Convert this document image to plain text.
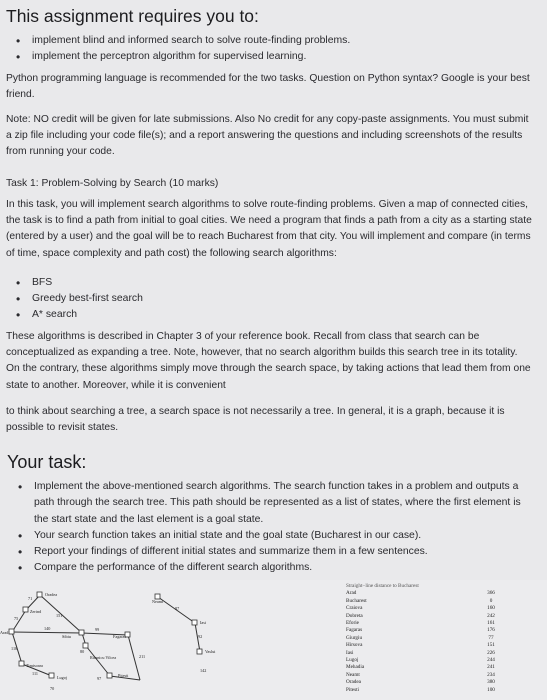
This assignment requires you to:
• implement blind and informed search to solve route-finding problems.
• implement the perceptron algorithm for supervised learning.
Python programming language is recommended for the two tasks. Question on Python syntax? Google is your best friend.
Note: NO credit will be given for late submissions. Also No credit for any copy-paste assignments. You must submit a zip file including your code file(s); and a report answering the questions and including screenshots of the results from running your code.
Task 1: Problem-Solving by Search (10 marks)
In this task, you will implement search algorithms to solve route-finding problems. Given a map of connected cities, the task is to find a path from initial to goal cities. We need a program that finds a path from a city as a starting state (entered by a user) and the goal will be to reach Bucharest from that city. You will implement and compare (in terms of time, space complexity and path cost) the following search algorithms:
• BFS
• Greedy best-first search
• A* search
These algorithms is described in Chapter 3 of your reference book. Recall from class that search can be conceptualized as expanding a tree. Note, however, that no search algorithm builds this search tree in its totality. On the contrary, these algorithms simply move through the search space, by taking actions that lead them from one state to another. Moreover, while it is convenient
to think about searching a tree, a search space is not necessarily a tree. In general, it is a graph, because it is possible to revisit states.
Your task:
• Implement the above-mentioned search algorithms. The search function takes in a problem and outputs a path through the search tree. This path should be represented as a list of states, where the first element is the start state and the last element is a goal state.
• Your search function takes an initial state and the goal state (Bucharest in our case).
• Report your findings of different initial states and summarize them in a few sentences.
• Compare the performance of the different search algorithms.
Oradea
Zerind
Arad
Sibiu	Fagaras
Rimnicu Vilcea
Pitesti
Timisoara
Lugoj
Neamt
Iasi
Vaslui
71
151
75
140	99
80
118
111
70
97
211
87
92
142
Straight−line distance to Bucharest
Arad
Bucharest
Craiova
Dobreta
Eforie
Fagaras
Giurgiu
Hirsova
Iasi
Lugoj
Mehadia
Neamt
Oradea
Pitesti

366
0
160
242
161
176
77
151
226
244
241
234
380
100
